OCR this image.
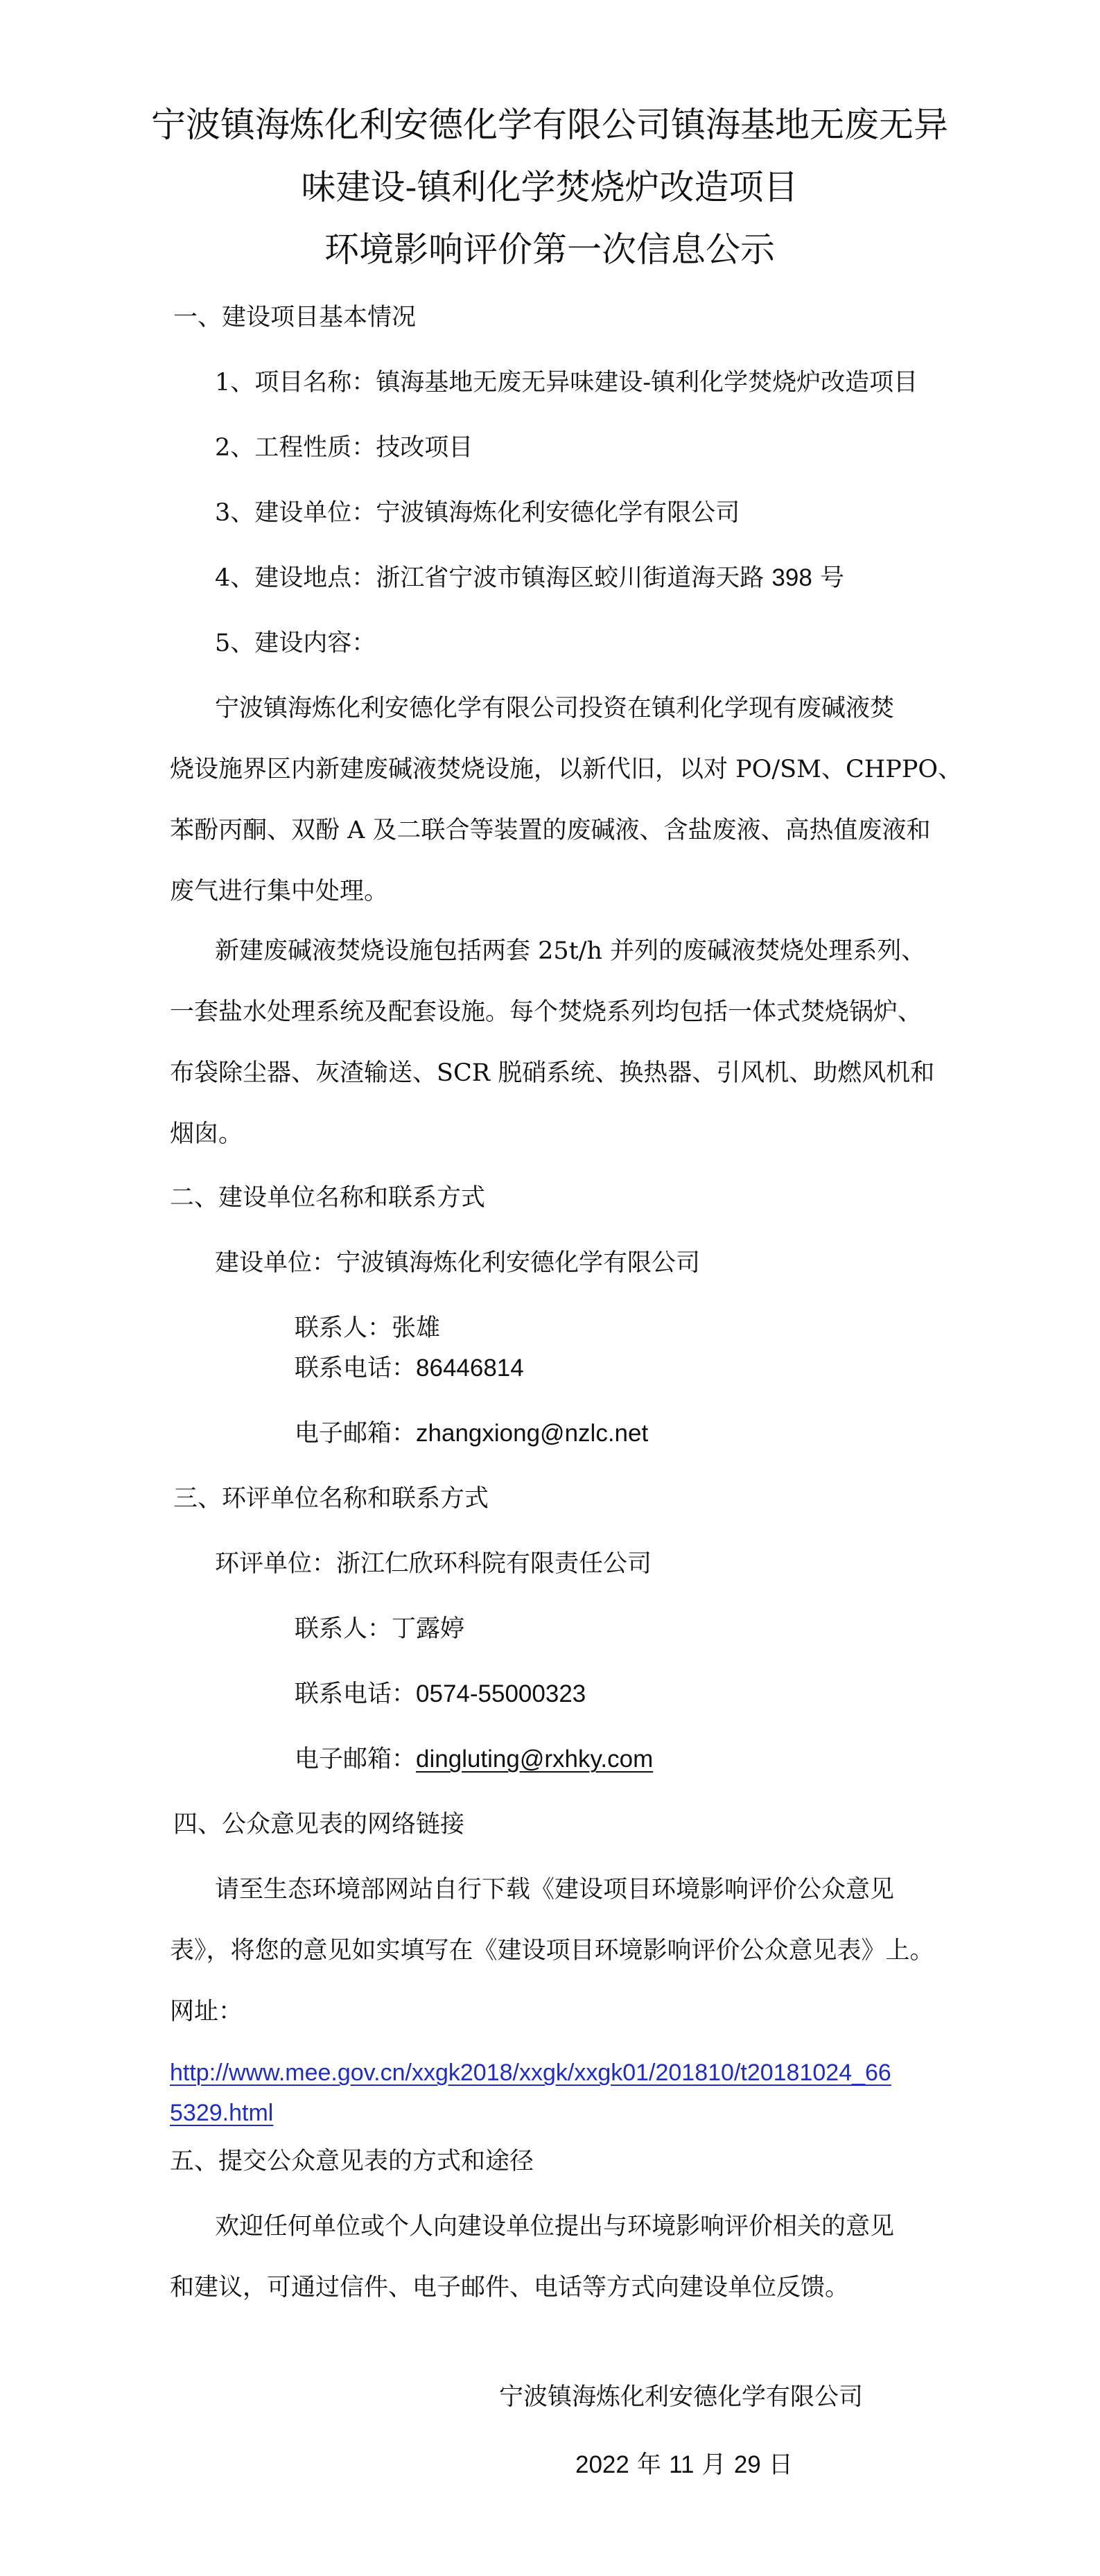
宁波镇海炼化利安德化学有限公司镇海基地无废无异
味建设-镇利化学焚烧炉改造项目
环境影响评价第一次信息公示
一、建设项目基本情况
1、项目名称：镇海基地无废无异味建设-镇利化学焚烧炉改造项目
2、工程性质：技改项目
3、建设单位：宁波镇海炼化利安德化学有限公司
4、建设地点：浙江省宁波市镇海区蛟川街道海天路 398 号
5、建设内容：
宁波镇海炼化利安德化学有限公司投资在镇利化学现有废碱液焚
烧设施界区内新建废碱液焚烧设施，以新代旧，以对 PO/SM、CHPPO、
苯酚丙酮、双酚 A 及二联合等装置的废碱液、含盐废液、高热值废液和
废气进行集中处理。
新建废碱液焚烧设施包括两套 25t/h 并列的废碱液焚烧处理系列、
一套盐水处理系统及配套设施。每个焚烧系列均包括一体式焚烧锅炉、
布袋除尘器、灰渣输送、SCR 脱硝系统、换热器、引风机、助燃风机和
烟囱。
二、建设单位名称和联系方式
建设单位：宁波镇海炼化利安德化学有限公司
联系人：张雄
联系电话：86446814
电子邮箱：zhangxiong@nzlc.net
三、环评单位名称和联系方式
环评单位：浙江仁欣环科院有限责任公司
联系人：丁露婷
联系电话：0574-55000323
电子邮箱：dingluting@rxhky.com
四、公众意见表的网络链接
请至生态环境部网站自行下载《建设项目环境影响评价公众意见
表》，将您的意见如实填写在《建设项目环境影响评价公众意见表》上。
网址：
http://www.mee.gov.cn/xxgk2018/xxgk/xxgk01/201810/t20181024_66
5329.html
五、提交公众意见表的方式和途径
欢迎任何单位或个人向建设单位提出与环境影响评价相关的意见
和建议，可通过信件、电子邮件、电话等方式向建设单位反馈。
宁波镇海炼化利安德化学有限公司
2022 年 11 月 29 日
